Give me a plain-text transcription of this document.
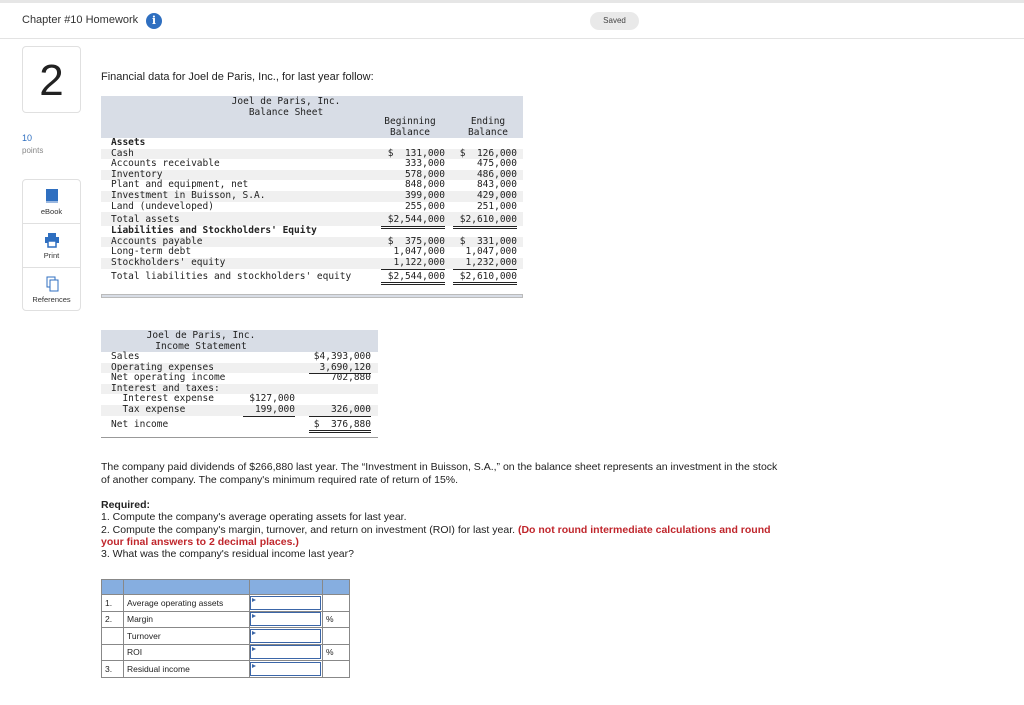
Chapter #10 Homework	i	Saved
2
10
points
eBook
Print
References
Financial data for Joel de Paris, Inc., for last year follow:
Joel de Paris, Inc.
Balance Sheet
Beginning
Balance
Ending
Balance
Assets
Cash	$  131,000	$  126,000
Accounts receivable	333,000	475,000
Inventory	578,000	486,000
Plant and equipment, net	848,000	843,000
Investment in Buisson, S.A.	399,000	429,000
Land (undeveloped)	255,000	251,000
Total assets	$2,544,000	$2,610,000
Liabilities and Stockholders' Equity
Accounts payable	$  375,000	$  331,000
Long-term debt	1,047,000	1,047,000
Stockholders' equity	1,122,000	1,232,000
Total liabilities and stockholders' equity	$2,544,000	$2,610,000
Joel de Paris, Inc.
Income Statement
Sales	$4,393,000
Operating expenses	3,690,120
Net operating income	702,880
Interest and taxes:
Interest expense	$127,000
Tax expense	199,000	326,000
Net income	$  376,880
The company paid dividends of $266,880 last year. The “Investment in Buisson, S.A.,” on the balance sheet represents an investment in the stock of another company. The company's minimum required rate of return of 15%.
Required:
1. Compute the company's average operating assets for last year.
2. Compute the company's margin, turnover, and return on investment (ROI) for last year. (Do not round intermediate calculations and round your final answers to 2 decimal places.)
3. What was the company's residual income last year?

1.	Average operating assets	

2.	Margin		%
	Turnover	

	ROI		%
3.	Residual income	
